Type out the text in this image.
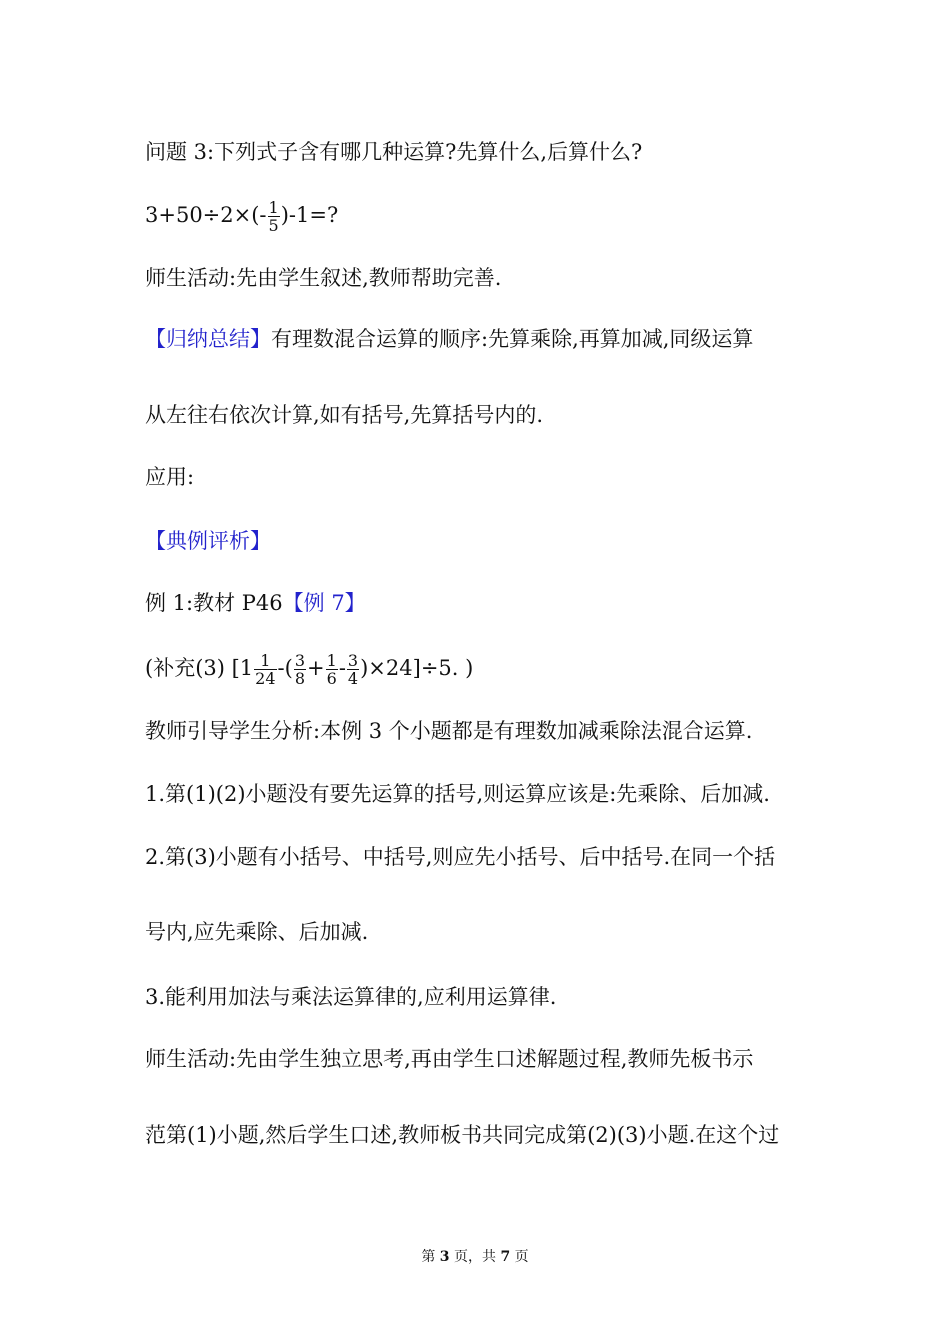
问题 3:下列式子含有哪几种运算?先算什么,后算什么?
$3+50\div 2\times(- \frac{1}{5} )-1=$?
师生活动:先由学生叙述,教师帮助完善.
【归纳总结】有理数混合运算的顺序:先算乘除,再算加减,同级运算
从左往右依次计算,如有括号,先算括号内的.
应用:
【典例评析】
例 1:教材 P46【例 7】
(补充(3) [$1 \frac{1}{24}$ -( $\frac{3}{8} + \frac{1}{6} - \frac{3}{4} )\times 24]\div 5$. )
教师引导学生分析:本例 3 个小题都是有理数加减乘除法混合运算.
1.第(1)(2)小题没有要先运算的括号,则运算应该是:先乘除、后加减.
2.第(3)小题有小括号、中括号,则应先小括号、后中括号.在同一个括
号内,应先乘除、后加减.
3.能利用加法与乘法运算律的,应利用运算律.
师生活动:先由学生独立思考,再由学生口述解题过程,教师先板书示
范第(1)小题,然后学生口述,教师板书共同完成第(2)(3)小题.在这个过
第 3 页，共 7 页
